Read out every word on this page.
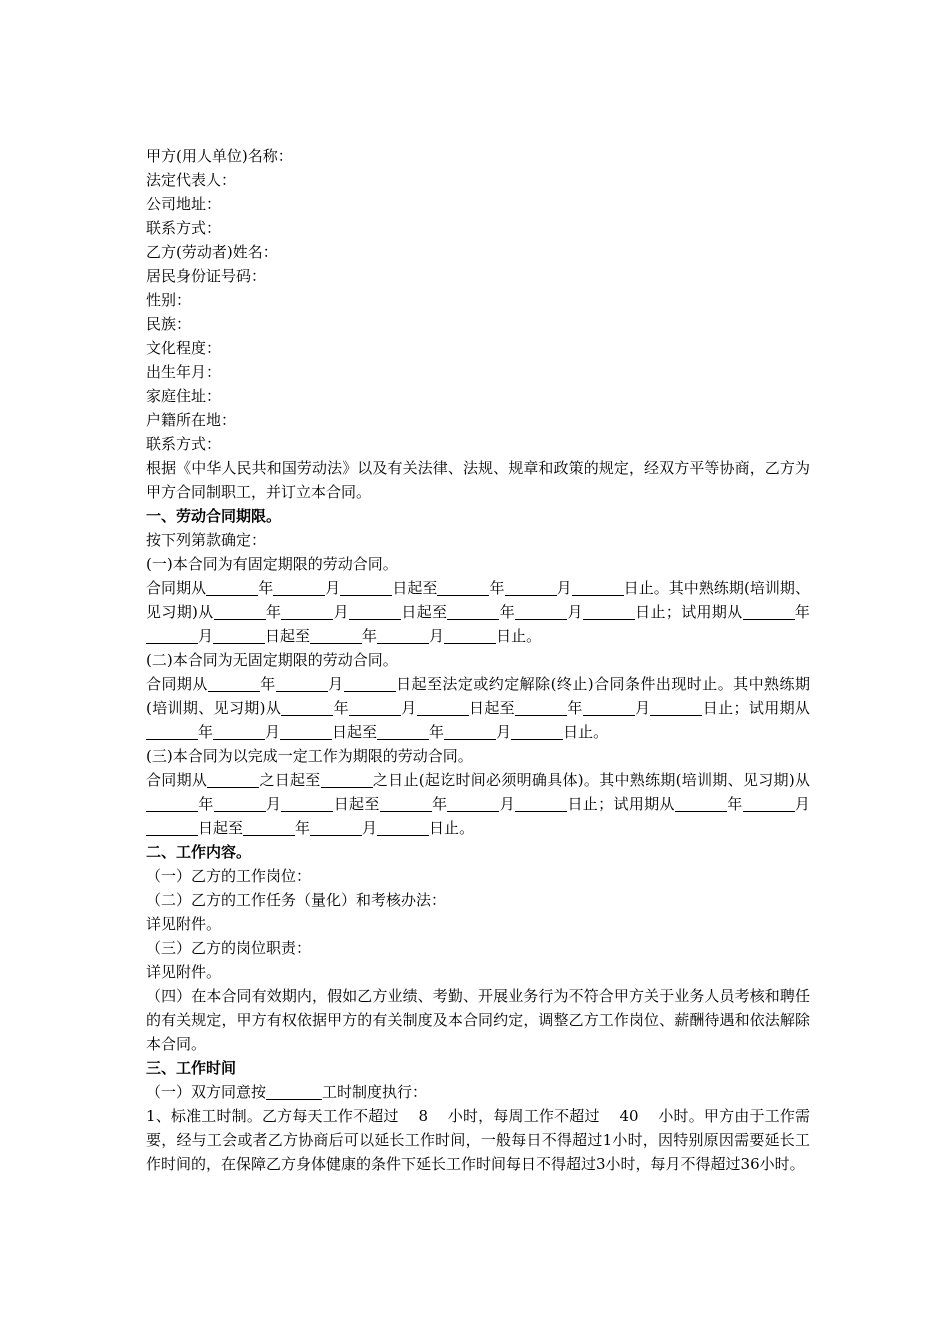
甲方(用人单位)名称：
法定代表人：
公司地址：
联系方式：
乙方(劳动者)姓名：
居民身份证号码：
性别：
民族：
文化程度：
出生年月：
家庭住址：
户籍所在地：
联系方式：
根据《中华人民共和国劳动法》以及有关法律、法规、规章和政策的规定，经双方平等协商，乙方为甲方合同制职工，并订立本合同。
一、劳动合同期限。
按下列第款确定：
(一)本合同为有固定期限的劳动合同。
合同期从	年	月	日起至	年	月	日止。其中熟练期(培训期、见习期)从	年	月	日起至	年	月	日止；试用期从	年月	日起至	年	月	日止。
(二)本合同为无固定期限的劳动合同。
合同期从	年	月	日起至法定或约定解除(终止)合同条件出现时止。其中熟练期(培训期、见习期)从	年	月	日起至	年	月	日止；试用期从年	月	日起至	年	月	日止。
(三)本合同为以完成一定工作为期限的劳动合同。
合同期从	之日起至	之日止(起讫时间必须明确具体)。其中熟练期(培训期、见习期)从年	月	日起至	年	月	日止；试用期从	年	月日起至	年	月	日止。
二、工作内容。
（一）乙方的工作岗位：
（二）乙方的工作任务（量化）和考核办法：
详见附件。
（三）乙方的岗位职责：
详见附件。
（四）在本合同有效期内，假如乙方业绩、考勤、开展业务行为不符合甲方关于业务人员考核和聘任的有关规定，甲方有权依据甲方的有关制度及本合同约定，调整乙方工作岗位、薪酬待遇和依法解除本合同。
三、工作时间
（一）双方同意按	工时制度执行：
1、标准工时制。乙方每天工作不超过 8 小时，每周工作不超过 40 小时。甲方由于工作需要，经与工会或者乙方协商后可以延长工作时间，一般每日不得超过1小时，因特别原因需要延长工作时间的，在保障乙方身体健康的条件下延长工作时间每日不得超过3小时，每月不得超过36小时。
